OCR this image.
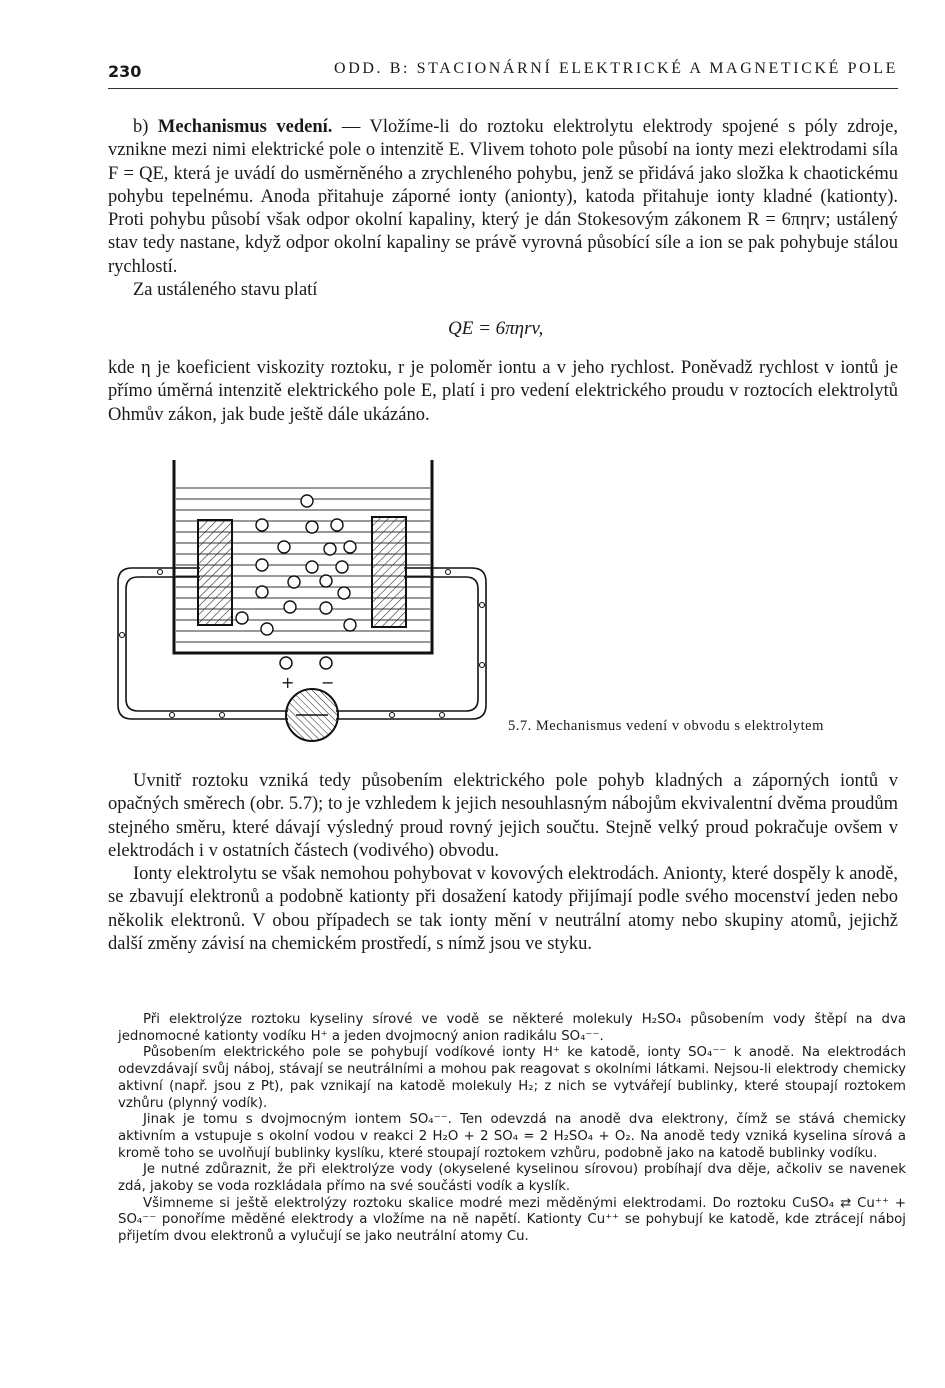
230	ODD. B: STACIONÁRNÍ ELEKTRICKÉ A MAGNETICKÉ POLE

b) Mechanismus vedení. — Vložíme-li do roztoku elektrolytu elektrody spojené s póly zdroje, vznikne mezi nimi elektrické pole o intenzitě E. Vlivem tohoto pole působí na ionty mezi elektrodami síla F = QE, která je uvádí do usměrněného a zrychleného pohybu, jenž se přidává jako složka k chaotickému pohybu tepelnému. Anoda přitahuje záporné ionty (anionty), katoda přitahuje ionty kladné (kationty). Proti pohybu působí však odpor okolní kapaliny, který je dán Stokesovým zákonem R = 6πηrv; ustálený stav tedy nastane, když odpor okolní kapaliny se právě vyrovná působící síle a ion se pak pohybuje stálou rychlostí.

Za ustáleného stavu platí

QE = 6πηrv,

kde η je koeficient viskozity roztoku, r je poloměr iontu a v jeho rychlost. Poněvadž rychlost v iontů je přímo úměrná intenzitě elektrického pole E, platí i pro vedení elektrického proudu v roztocích elektrolytů Ohmův zákon, jak bude ještě dále ukázáno.

+ −
5.7. Mechanismus vedení v obvodu s elektrolytem

Uvnitř roztoku vzniká tedy působením elektrického pole pohyb kladných a záporných iontů v opačných směrech (obr. 5.7); to je vzhledem k jejich nesouhlasným nábojům ekvivalentní dvěma proudům stejného směru, které dávají výsledný proud rovný jejich součtu. Stejně velký proud pokračuje ovšem v elektrodách i v ostatních částech (vodivého) obvodu.

Ionty elektrolytu se však nemohou pohybovat v kovových elektrodách. Anionty, které dospěly k anodě, se zbavují elektronů a podobně kationty při dosažení katody přijímají podle svého mocenství jeden nebo několik elektronů. V obou případech se tak ionty mění v neutrální atomy nebo skupiny atomů, jejichž další změny závisí na chemickém prostředí, s nímž jsou ve styku.

Při elektrolýze roztoku kyseliny sírové ve vodě se některé molekuly H₂SO₄ působením vody štěpí na dva jednomocné kationty vodíku H⁺ a jeden dvojmocný anion radikálu SO₄⁻⁻.

Působením elektrického pole se pohybují vodíkové ionty H⁺ ke katodě, ionty SO₄⁻⁻ k anodě. Na elektrodách odevzdávají svůj náboj, stávají se neutrálními a mohou pak reagovat s okolními látkami. Nejsou-li elektrody chemicky aktivní (např. jsou z Pt), pak vznikají na katodě molekuly H₂; z nich se vytvářejí bublinky, které stoupají roztokem vzhůru (plynný vodík).

Jinak je tomu s dvojmocným iontem SO₄⁻⁻. Ten odevzdá na anodě dva elektrony, čímž se stává chemicky aktivním a vstupuje s okolní vodou v reakci 2 H₂O + 2 SO₄ = 2 H₂SO₄ + O₂. Na anodě tedy vzniká kyselina sírová a kromě toho se uvolňují bublinky kyslíku, které stoupají roztokem vzhůru, podobně jako na katodě bublinky vodíku.

Je nutné zdůraznit, že při elektrolýze vody (okyselené kyselinou sírovou) probíhají dva děje, ačkoliv se navenek zdá, jakoby se voda rozkládala přímo na své součásti vodík a kyslík.

Všimneme si ještě elektrolýzy roztoku skalice modré mezi měděnými elektrodami. Do roztoku CuSO₄ ⇄ Cu⁺⁺ + SO₄⁻⁻ ponoříme měděné elektrody a vložíme na ně napětí. Kationty Cu⁺⁺ se pohybují ke katodě, kde ztrácejí náboj přijetím dvou elektronů a vylučují se jako neutrální atomy Cu.
